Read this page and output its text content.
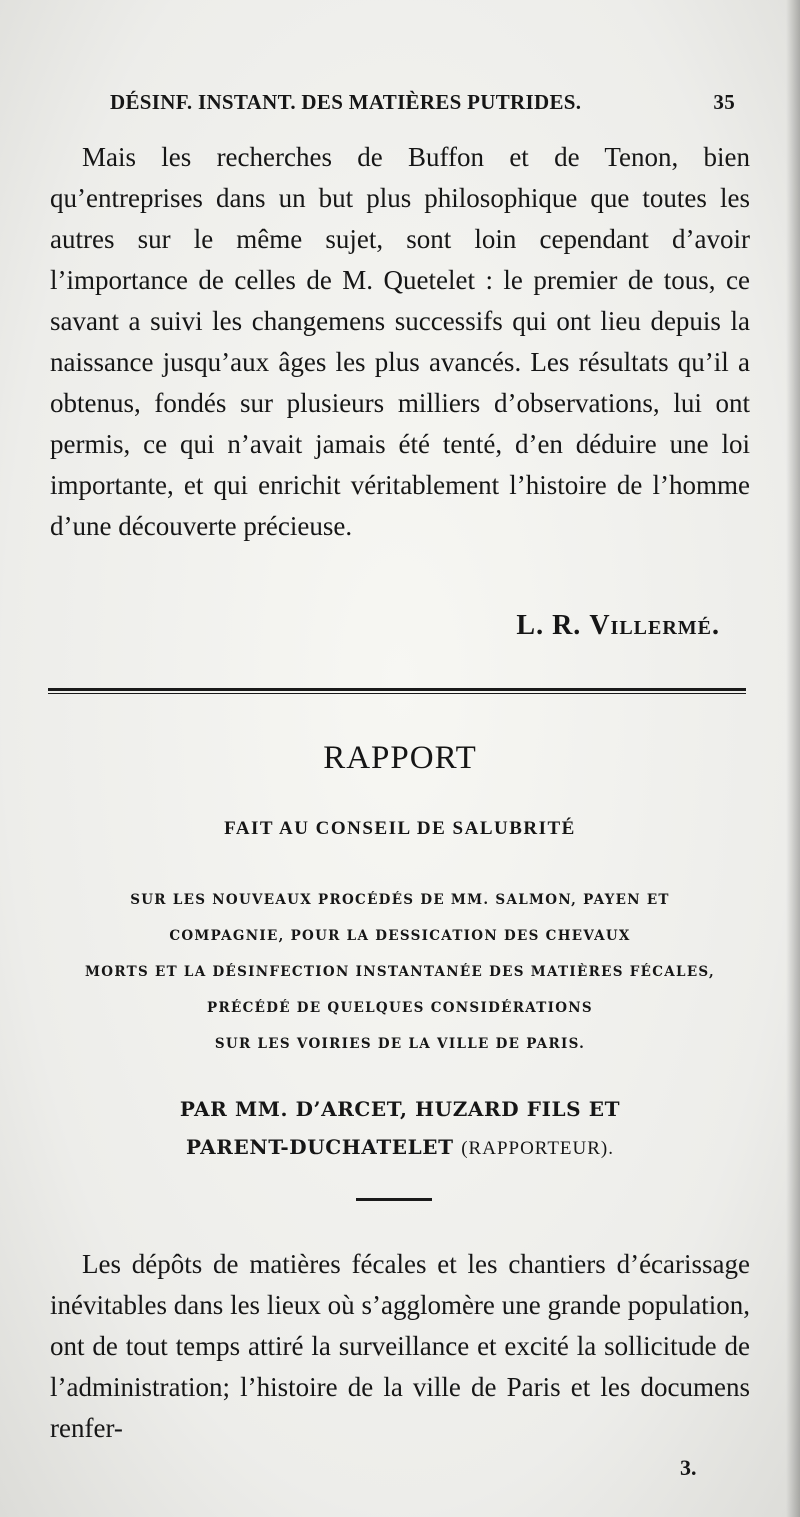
DÉSINF. INSTANT. DES MATIÈRES PUTRIDES.	35

Mais les recherches de Buffon et de Tenon, bien qu’entreprises dans un but plus philosophique que toutes les autres sur le même sujet, sont loin cependant d’avoir l’importance de celles de M. Quetelet : le premier de tous, ce savant a suivi les changemens successifs qui ont lieu depuis la naissance jusqu’aux âges les plus avancés. Les résultats qu’il a obtenus, fondés sur plusieurs milliers d’observations, lui ont permis, ce qui n’avait jamais été tenté, d’en déduire une loi importante, et qui enrichit véritablement l’histoire de l’homme d’une découverte précieuse.

L. R. Villermé.
RAPPORT
FAIT AU CONSEIL DE SALUBRITÉ
SUR LES NOUVEAUX PROCÉDÉS DE MM. SALMON, PAYEN ET
COMPAGNIE, POUR LA DESSICATION DES CHEVAUX
MORTS ET LA DÉSINFECTION INSTANTANÉE DES MATIÈRES FÉCALES,
PRÉCÉDÉ DE QUELQUES CONSIDÉRATIONS
SUR LES VOIRIES DE LA VILLE DE PARIS.
PAR MM. D’ARCET, HUZARD FILS ET
PARENT-DUCHATELET (RAPPORTEUR).

Les dépôts de matières fécales et les chantiers d’écarissage inévitables dans les lieux où s’agglomère une grande population, ont de tout temps attiré la surveillance et excité la sollicitude de l’administration; l’histoire de la ville de Paris et les documens renfer-

3.
